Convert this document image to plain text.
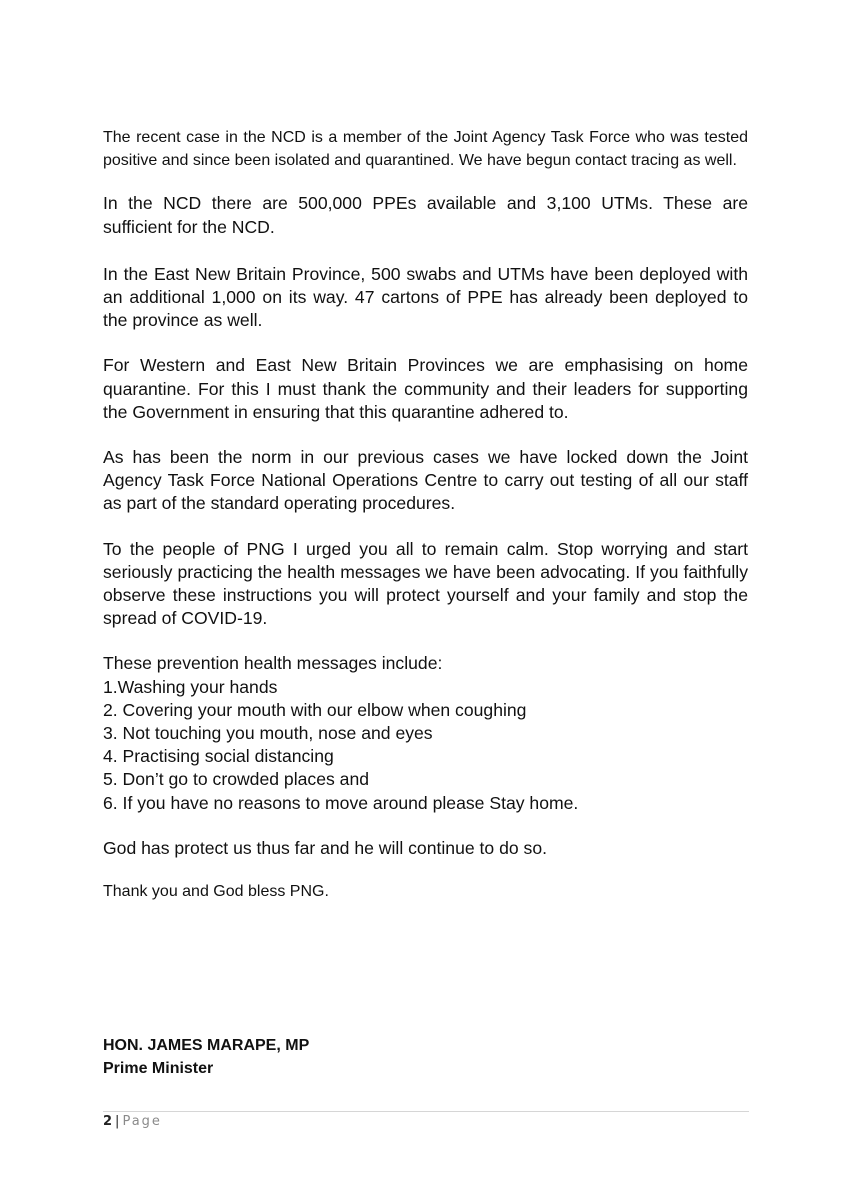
The recent case in the NCD is a member of the Joint Agency Task Force who was tested positive and since been isolated and quarantined. We have begun contact tracing as well.

In the NCD there are 500,000 PPEs available and 3,100 UTMs. These are sufficient for the NCD.

In the East New Britain Province, 500 swabs and UTMs have been deployed with an additional 1,000 on its way. 47 cartons of PPE has already been deployed to the province as well.

For Western and East New Britain Provinces we are emphasising on home quarantine. For this I must thank the community and their leaders for supporting the Government in ensuring that this quarantine adhered to.

As has been the norm in our previous cases we have locked down the Joint Agency Task Force National Operations Centre to carry out testing of all our staff as part of the standard operating procedures.

To the people of PNG I urged you all to remain calm. Stop worrying and start seriously practicing the health messages we have been advocating. If you faithfully observe these instructions you will protect yourself and your family and stop the spread of COVID-19.

These prevention health messages include:

1.Washing your hands
2. Covering your mouth with our elbow when coughing
3. Not touching you mouth, nose and eyes
4. Practising social distancing
5. Don’t go to crowded places and
6. If you have no reasons to move around please Stay home.

God has protect us thus far and he will continue to do so.

Thank you and God bless PNG.

HON. JAMES MARAPE, MP
Prime Minister
2 | Page
